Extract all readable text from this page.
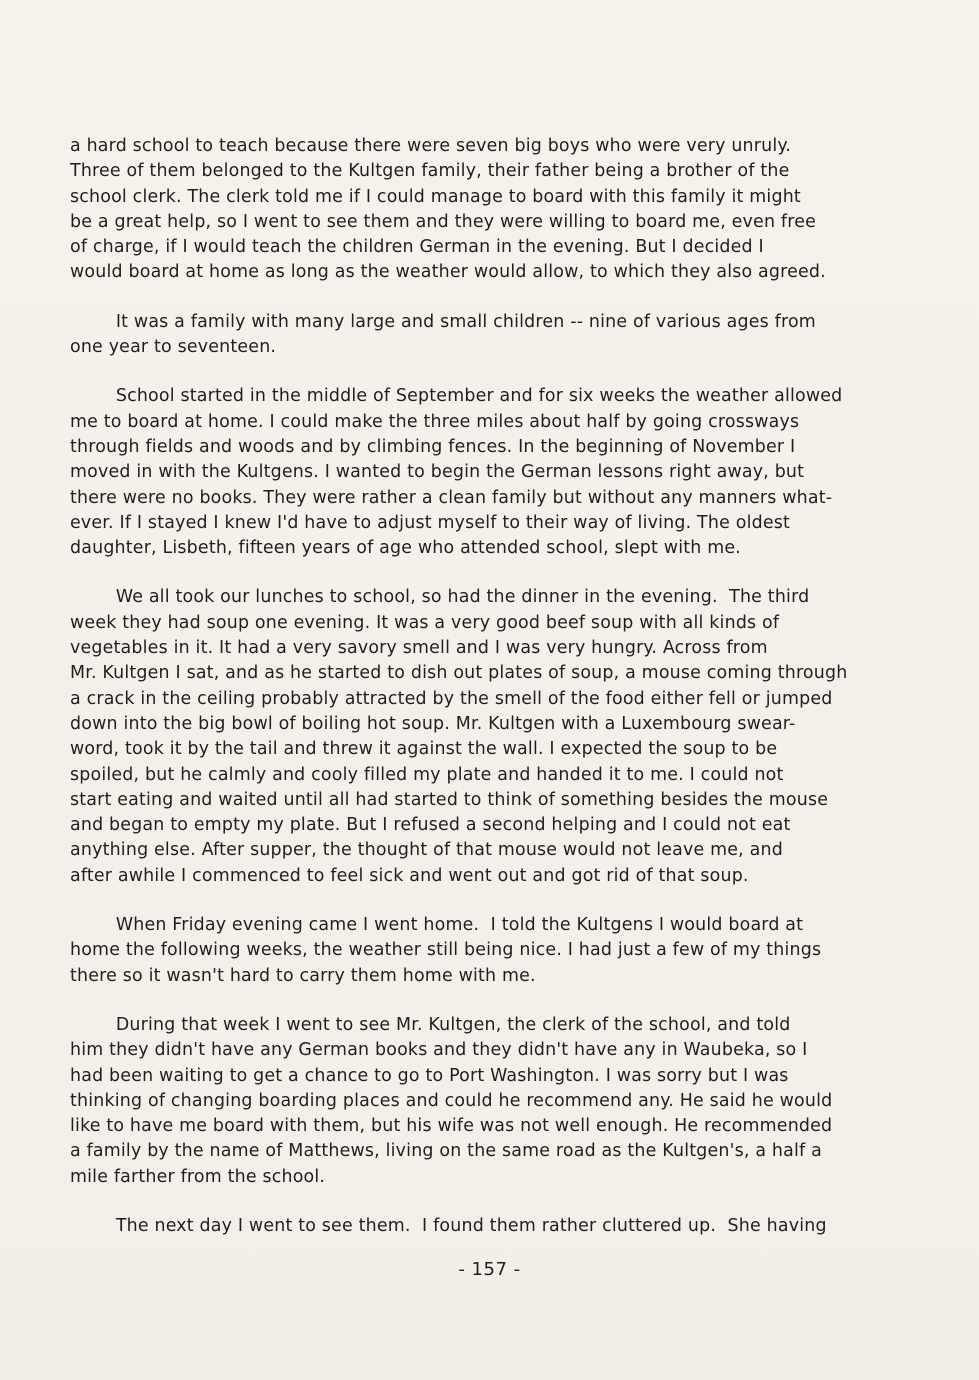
a hard school to teach because there were seven big boys who were very unruly.
Three of them belonged to the Kultgen family, their father being a brother of the
school clerk. The clerk told me if I could manage to board with this family it might
be a great help, so I went to see them and they were willing to board me, even free
of charge, if I would teach the children German in the evening. But I decided I
would board at home as long as the weather would allow, to which they also agreed.
It was a family with many large and small children -- nine of various ages from
one year to seventeen.
School started in the middle of September and for six weeks the weather allowed
me to board at home. I could make the three miles about half by going crossways
through fields and woods and by climbing fences. In the beginning of November I
moved in with the Kultgens. I wanted to begin the German lessons right away, but
there were no books. They were rather a clean family but without any manners what-
ever. If I stayed I knew I'd have to adjust myself to their way of living. The oldest
daughter, Lisbeth, fifteen years of age who attended school, slept with me.
We all took our lunches to school, so had the dinner in the evening.  The third
week they had soup one evening. It was a very good beef soup with all kinds of
vegetables in it. It had a very savory smell and I was very hungry. Across from
Mr. Kultgen I sat, and as he started to dish out plates of soup, a mouse coming through
a crack in the ceiling probably attracted by the smell of the food either fell or jumped
down into the big bowl of boiling hot soup. Mr. Kultgen with a Luxembourg swear-
word, took it by the tail and threw it against the wall. I expected the soup to be
spoiled, but he calmly and cooly filled my plate and handed it to me. I could not
start eating and waited until all had started to think of something besides the mouse
and began to empty my plate. But I refused a second helping and I could not eat
anything else. After supper, the thought of that mouse would not leave me, and
after awhile I commenced to feel sick and went out and got rid of that soup.
When Friday evening came I went home.  I told the Kultgens I would board at
home the following weeks, the weather still being nice. I had just a few of my things
there so it wasn't hard to carry them home with me.
During that week I went to see Mr. Kultgen, the clerk of the school, and told
him they didn't have any German books and they didn't have any in Waubeka, so I
had been waiting to get a chance to go to Port Washington. I was sorry but I was
thinking of changing boarding places and could he recommend any. He said he would
like to have me board with them, but his wife was not well enough. He recommended
a family by the name of Matthews, living on the same road as the Kultgen's, a half a
mile farther from the school.
The next day I went to see them.  I found them rather cluttered up.  She having
- 157 -
